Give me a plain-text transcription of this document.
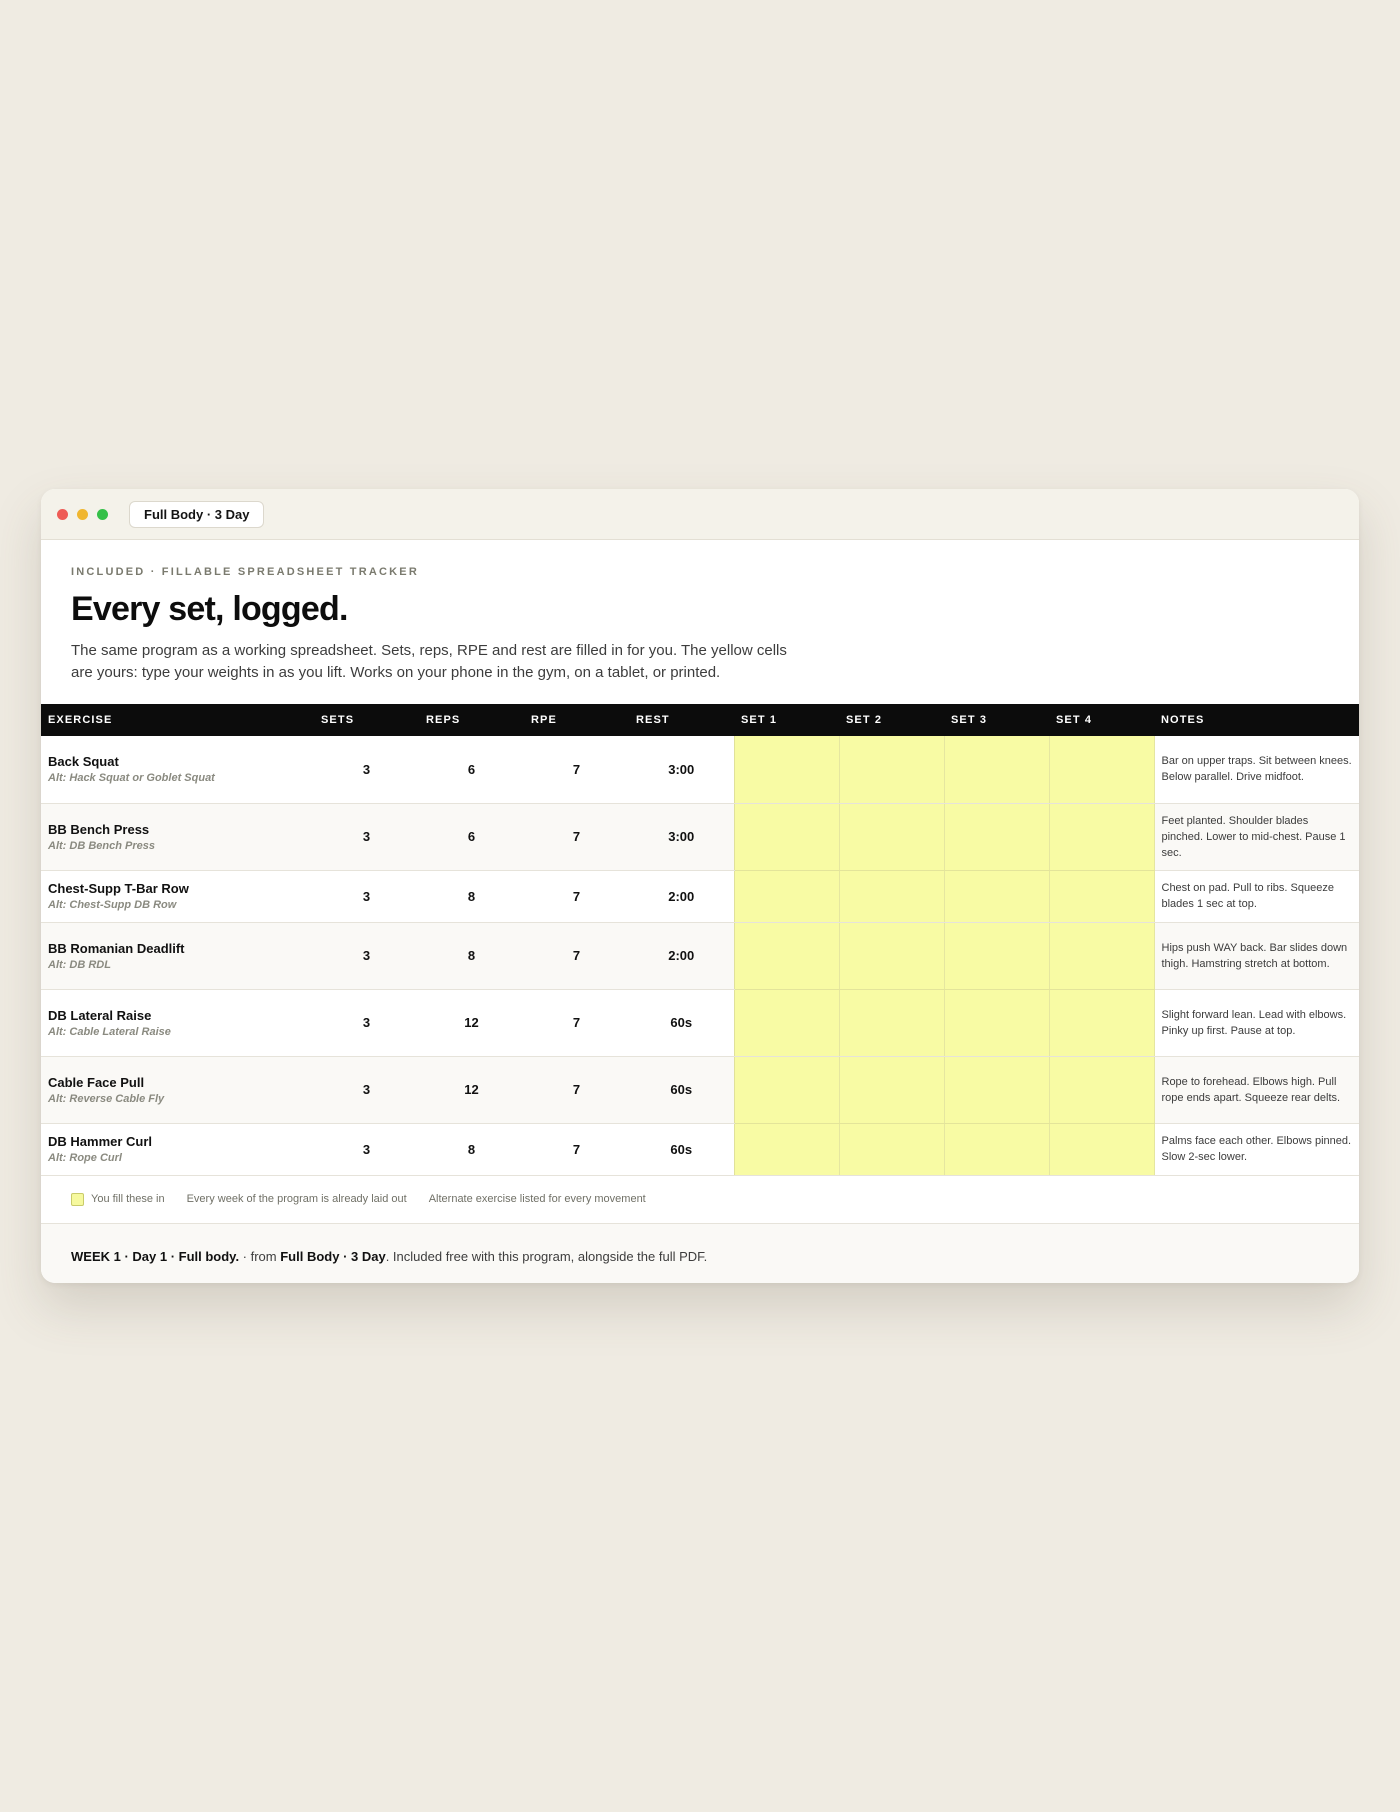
Full Body · 3 Day
INCLUDED · FILLABLE SPREADSHEET TRACKER
Every set, logged.
The same program as a working spreadsheet. Sets, reps, RPE and rest are filled in for you. The yellow cells are yours: type your weights in as you lift. Works on your phone in the gym, on a tablet, or printed.
EXERCISE	SETS	REPS	RPE	REST	SET 1	SET 2	SET 3	SET 4	NOTES

Back Squat
Alt: Hack Squat or Goblet Squat	3	6	7	3:00					Bar on upper traps. Sit between knees. Below parallel. Drive midfoot.

BB Bench Press
Alt: DB Bench Press	3	6	7	3:00					Feet planted. Shoulder blades pinched. Lower to mid-chest. Pause 1 sec.

Chest-Supp T-Bar Row
Alt: Chest-Supp DB Row	3	8	7	2:00					Chest on pad. Pull to ribs. Squeeze blades 1 sec at top.

BB Romanian Deadlift
Alt: DB RDL	3	8	7	2:00					Hips push WAY back. Bar slides down thigh. Hamstring stretch at bottom.

DB Lateral Raise
Alt: Cable Lateral Raise	3	12	7	60s					Slight forward lean. Lead with elbows. Pinky up first. Pause at top.

Cable Face Pull
Alt: Reverse Cable Fly	3	12	7	60s					Rope to forehead. Elbows high. Pull rope ends apart. Squeeze rear delts.

DB Hammer Curl
Alt: Rope Curl	3	8	7	60s					Palms face each other. Elbows pinned. Slow 2-sec lower.
You fill these in Every week of the program is already laid out Alternate exercise listed for every movement
WEEK 1 · Day 1 · Full body. · from Full Body · 3 Day . Included free with this program, alongside the full PDF.
